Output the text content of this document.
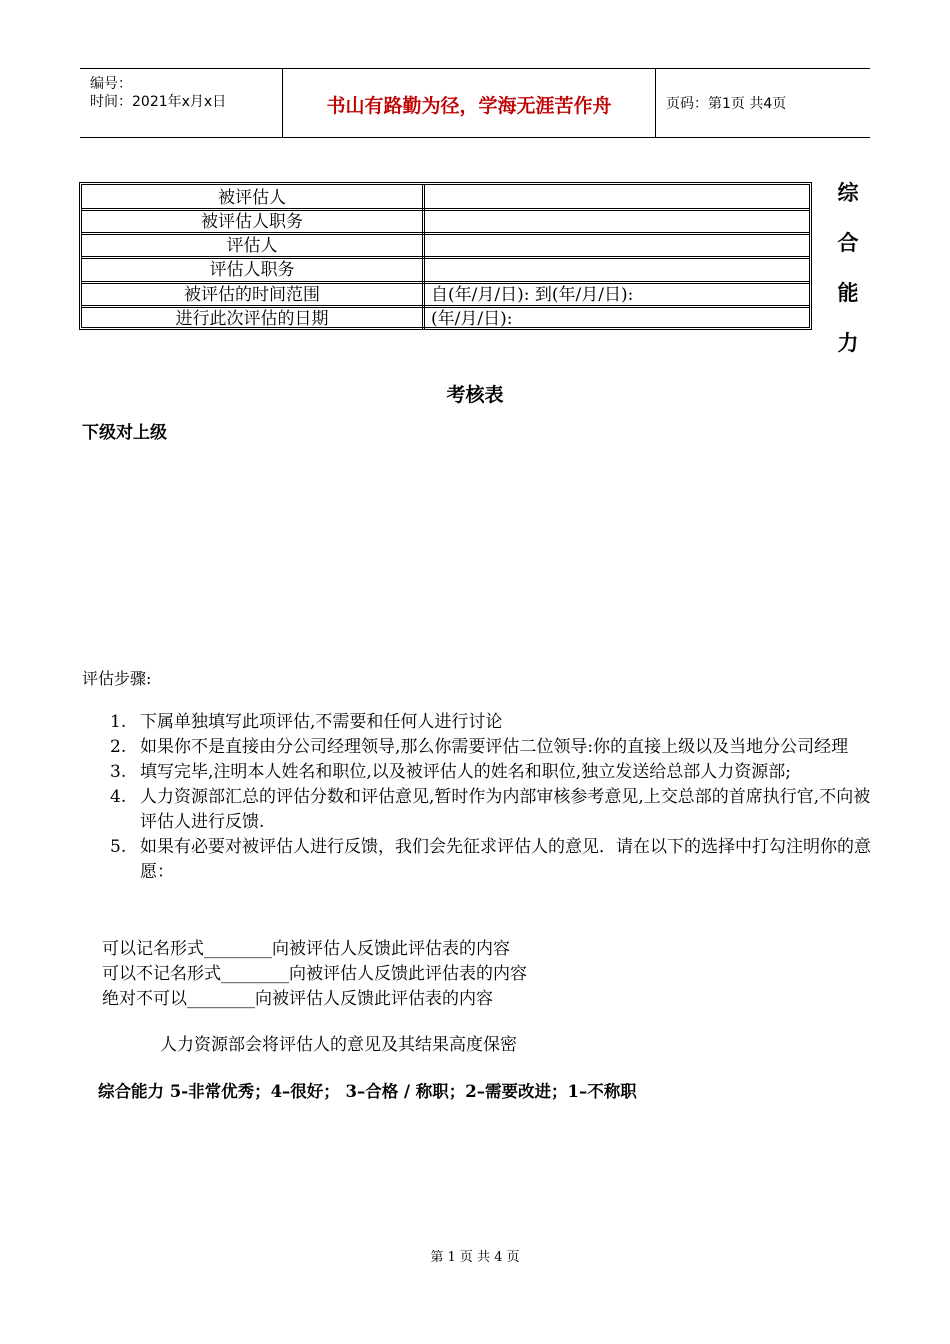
编号：
时间：2021年x月x日	书山有路勤为径，学海无涯苦作舟	页码：第1页 共4页
被评估人
被评估人职务
评估人
评估人职务
被评估的时间范围	自(年/月/日): 到(年/月/日):
进行此次评估的日期	(年/月/日):
综
合
能
力
考核表
下级对上级
评估步骤:
1. 下属单独填写此项评估,不需要和任何人进行讨论
2. 如果你不是直接由分公司经理领导,那么你需要评估二位领导:你的直接上级以及当地分公司经理
3. 填写完毕,注明本人姓名和职位,以及被评估人的姓名和职位,独立发送给总部人力资源部;
4. 人力资源部汇总的评估分数和评估意见,暂时作为内部审核参考意见,上交总部的首席执行官,不向被评估人进行反馈.
5. 如果有必要对被评估人进行反馈，我们会先征求评估人的意见．请在以下的选择中打勾注明你的意愿：
可以记名形式________向被评估人反馈此评估表的内容
可以不记名形式________向被评估人反馈此评估表的内容
绝对不可以________向被评估人反馈此评估表的内容
人力资源部会将评估人的意见及其结果高度保密
综合能力 5-非常优秀；4–很好； 3–合格 / 称职；2–需要改进；1–不称职
第 1 页 共 4 页
